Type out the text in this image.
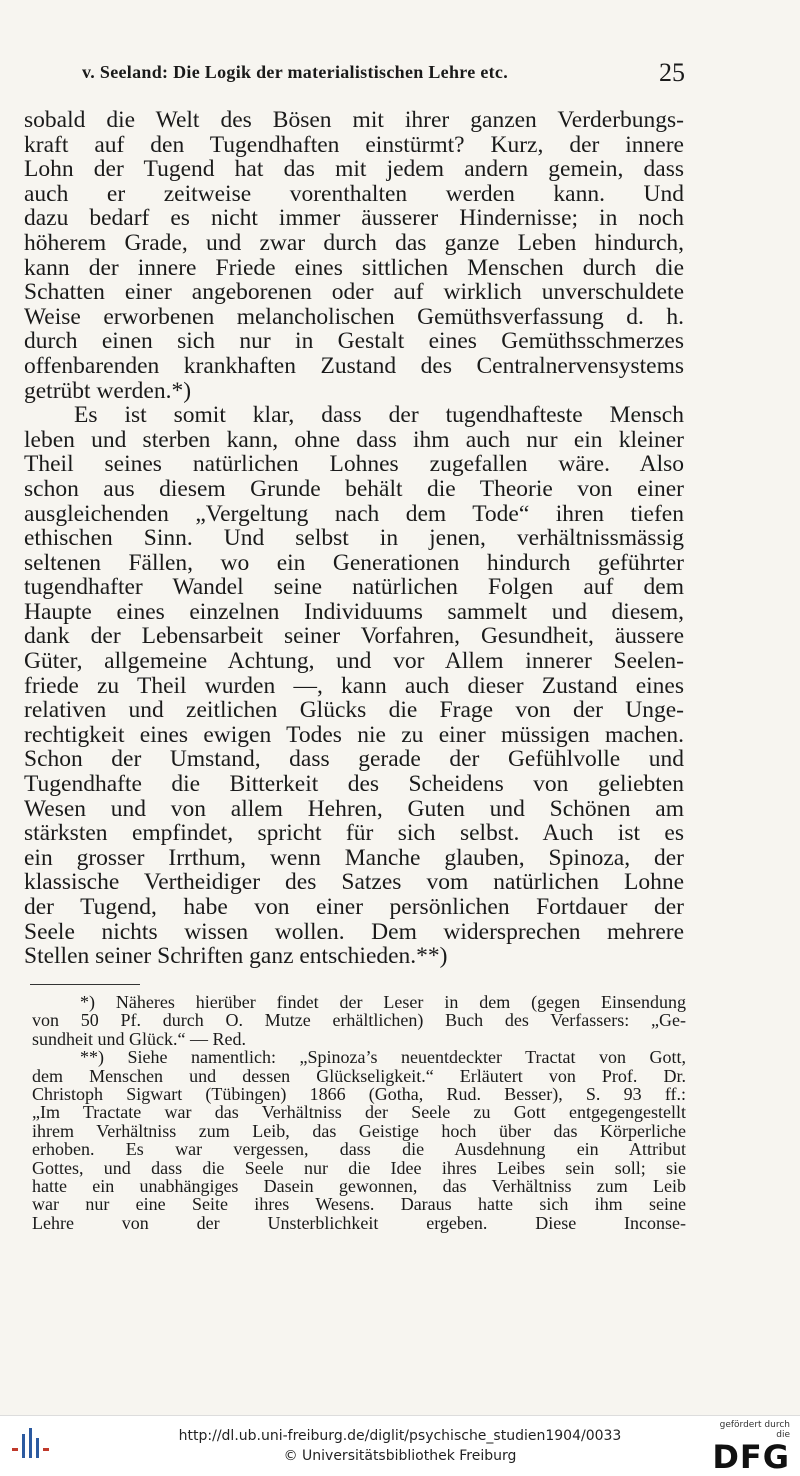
v. Seeland: Die Logik der materialistischen Lehre etc.	25
sobald die Welt des Bösen mit ihrer ganzen Verderbungs-
kraft auf den Tugendhaften einstürmt? Kurz, der innere
Lohn der Tugend hat das mit jedem andern gemein, dass
auch er zeitweise vorenthalten werden kann. Und
dazu bedarf es nicht immer äusserer Hindernisse; in noch
höherem Grade, und zwar durch das ganze Leben hindurch,
kann der innere Friede eines sittlichen Menschen durch die
Schatten einer angeborenen oder auf wirklich unverschuldete
Weise erworbenen melancholischen Gemüthsverfassung d. h.
durch einen sich nur in Gestalt eines Gemüthsschmerzes
offenbarenden krankhaften Zustand des Centralnervensystems
getrübt werden.*)
Es ist somit klar, dass der tugendhafteste Mensch
leben und sterben kann, ohne dass ihm auch nur ein kleiner
Theil seines natürlichen Lohnes zugefallen wäre. Also
schon aus diesem Grunde behält die Theorie von einer
ausgleichenden „Vergeltung nach dem Tode“ ihren tiefen
ethischen Sinn. Und selbst in jenen, verhältnissmässig
seltenen Fällen, wo ein Generationen hindurch geführter
tugendhafter Wandel seine natürlichen Folgen auf dem
Haupte eines einzelnen Individuums sammelt und diesem,
dank der Lebensarbeit seiner Vorfahren, Gesundheit, äussere
Güter, allgemeine Achtung, und vor Allem innerer Seelen-
friede zu Theil wurden —, kann auch dieser Zustand eines
relativen und zeitlichen Glücks die Frage von der Unge-
rechtigkeit eines ewigen Todes nie zu einer müssigen machen.
Schon der Umstand, dass gerade der Gefühlvolle und
Tugendhafte die Bitterkeit des Scheidens von geliebten
Wesen und von allem Hehren, Guten und Schönen am
stärksten empfindet, spricht für sich selbst. Auch ist es
ein grosser Irrthum, wenn Manche glauben, Spinoza, der
klassische Vertheidiger des Satzes vom natürlichen Lohne
der Tugend, habe von einer persönlichen Fortdauer der
Seele nichts wissen wollen. Dem widersprechen mehrere
Stellen seiner Schriften ganz entschieden.**)
*) Näheres hierüber findet der Leser in dem (gegen Einsendung
von 50 Pf. durch O. Mutze erhältlichen) Buch des Verfassers: „Ge-
sundheit und Glück.“ — Red.
**) Siehe namentlich: „Spinoza’s neuentdeckter Tractat von Gott,
dem Menschen und dessen Glückseligkeit.“ Erläutert von Prof. Dr.
Christoph Sigwart (Tübingen) 1866 (Gotha, Rud. Besser), S. 93 ff.:
„Im Tractate war das Verhältniss der Seele zu Gott entgegengestellt
ihrem Verhältniss zum Leib, das Geistige hoch über das Körperliche
erhoben. Es war vergessen, dass die Ausdehnung ein Attribut
Gottes, und dass die Seele nur die Idee ihres Leibes sein soll; sie
hatte ein unabhängiges Dasein gewonnen, das Verhältniss zum Leib
war nur eine Seite ihres Wesens. Daraus hatte sich ihm seine
Lehre von der Unsterblichkeit ergeben. Diese Inconse-
http://dl.ub.uni-freiburg.de/diglit/psychische_studien1904/0033
© Universitätsbibliothek Freiburg
gefördert durch die
DFG
